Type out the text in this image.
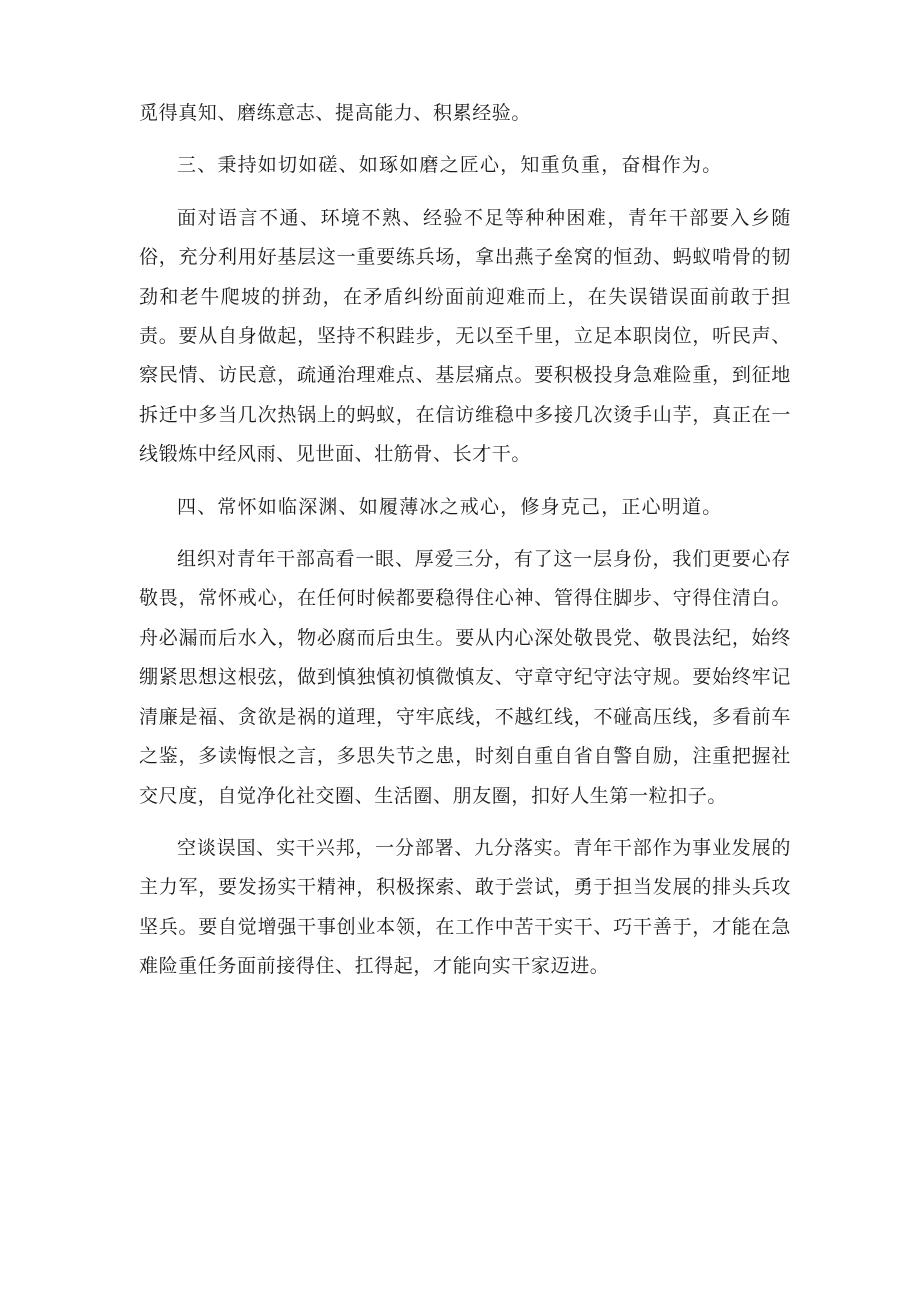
觅得真知、磨练意志、提高能力、积累经验。

三、秉持如切如磋、如琢如磨之匠心，知重负重，奋楫作为。

面对语言不通、环境不熟、经验不足等种种困难，青年干部要入乡随俗，充分利用好基层这一重要练兵场，拿出燕子垒窝的恒劲、蚂蚁啃骨的韧劲和老牛爬坡的拼劲，在矛盾纠纷面前迎难而上，在失误错误面前敢于担责。要从自身做起，坚持不积跬步，无以至千里，立足本职岗位，听民声、察民情、访民意，疏通治理难点、基层痛点。要积极投身急难险重，到征地拆迁中多当几次热锅上的蚂蚁，在信访维稳中多接几次烫手山芋，真正在一线锻炼中经风雨、见世面、壮筋骨、长才干。

四、常怀如临深渊、如履薄冰之戒心，修身克己，正心明道。

组织对青年干部高看一眼、厚爱三分，有了这一层身份，我们更要心存敬畏，常怀戒心，在任何时候都要稳得住心神、管得住脚步、守得住清白。舟必漏而后水入，物必腐而后虫生。要从内心深处敬畏党、敬畏法纪，始终绷紧思想这根弦，做到慎独慎初慎微慎友、守章守纪守法守规。要始终牢记清廉是福、贪欲是祸的道理，守牢底线，不越红线，不碰高压线，多看前车之鉴，多读悔恨之言，多思失节之患，时刻自重自省自警自励，注重把握社交尺度，自觉净化社交圈、生活圈、朋友圈，扣好人生第一粒扣子。

空谈误国、实干兴邦，一分部署、九分落实。青年干部作为事业发展的主力军，要发扬实干精神，积极探索、敢于尝试，勇于担当发展的排头兵攻坚兵。要自觉增强干事创业本领，在工作中苦干实干、巧干善于，才能在急难险重任务面前接得住、扛得起，才能向实干家迈进。
